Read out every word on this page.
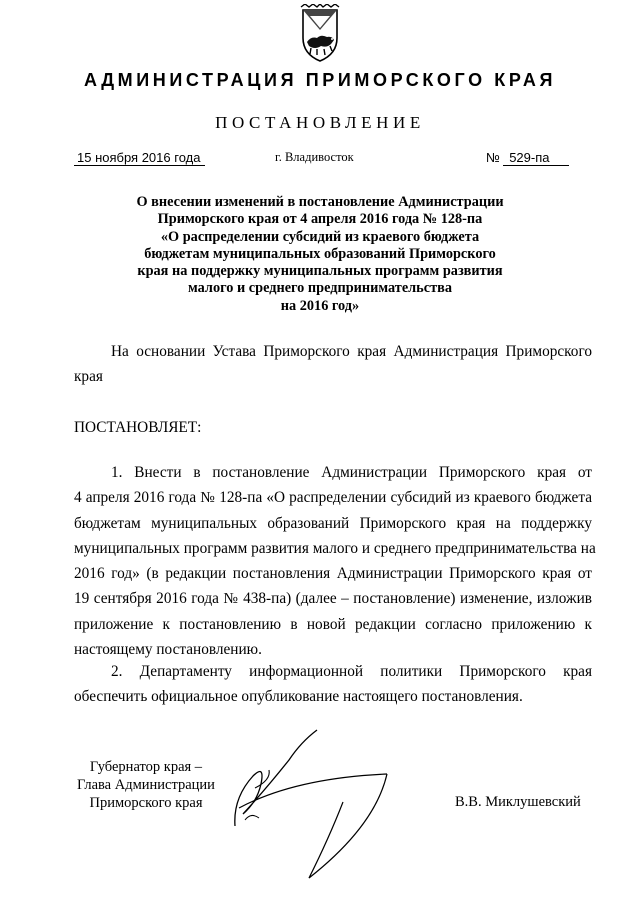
АДМИНИСТРАЦИЯ ПРИМОРСКОГО КРАЯ
ПОСТАНОВЛЕНИЕ
15 ноября 2016 года	г. Владивосток	№ 529-па
О внесении изменений в постановление Администрации
Приморского края от 4 апреля 2016 года № 128-па
«О распределении субсидий из краевого бюджета
бюджетам муниципальных образований Приморского
края на поддержку муниципальных программ развития
малого и среднего предпринимательства
на 2016 год»
На основании Устава Приморского края Администрация Приморского
края
ПОСТАНОВЛЯЕТ:
1. Внести в постановление Администрации Приморского края от
4 апреля 2016 года № 128-па «О распределении субсидий из краевого бюджета
бюджетам муниципальных образований Приморского края на поддержку
муниципальных программ развития малого и среднего предпринимательства на
2016 год» (в редакции постановления Администрации Приморского края от
19 сентября 2016 года № 438-па) (далее – постановление) изменение, изложив
приложение к постановлению в новой редакции согласно приложению к
настоящему постановлению.
2. Департаменту информационной политики Приморского края
обеспечить официальное опубликование настоящего постановления.
Губернатор края –
Глава Администрации
Приморского края	В.В. Миклушевский
